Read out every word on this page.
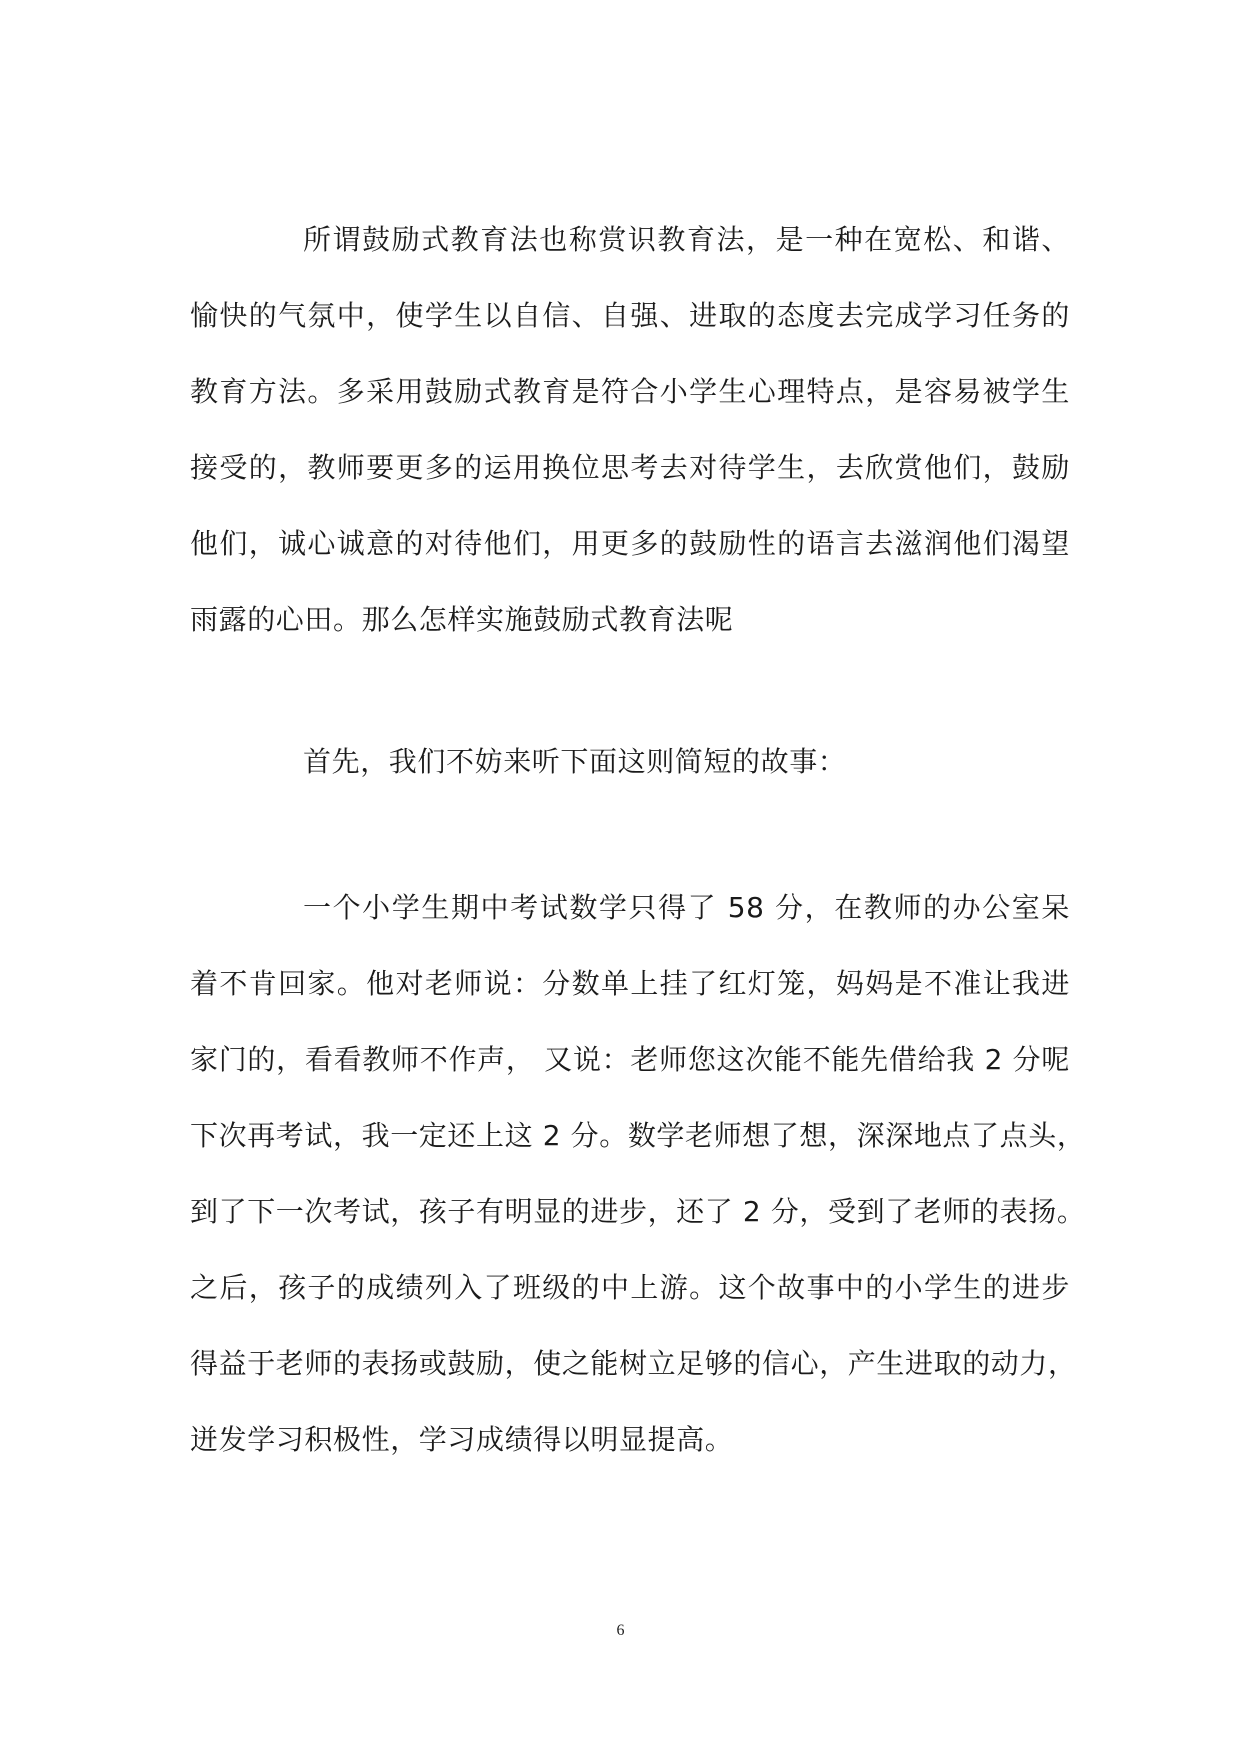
所谓鼓励式教育法也称赏识教育法，是一种在宽松、和谐、
愉快的气氛中，使学生以自信、自强、进取的态度去完成学习任务的
教育方法。多采用鼓励式教育是符合小学生心理特点，是容易被学生
接受的，教师要更多的运用换位思考去对待学生，去欣赏他们，鼓励
他们，诚心诚意的对待他们，用更多的鼓励性的语言去滋润他们渴望
雨露的心田。那么怎样实施鼓励式教育法呢
首先，我们不妨来听下面这则简短的故事：
一个小学生期中考试数学只得了 58 分，在教师的办公室呆
着不肯回家。他对老师说：分数单上挂了红灯笼，妈妈是不准让我进
家门的，看看教师不作声， 又说：老师您这次能不能先借给我 2 分呢
下次再考试，我一定还上这 2 分。数学老师想了想，深深地点了点头，
到了下一次考试，孩子有明显的进步，还了 2 分，受到了老师的表扬。
之后，孩子的成绩列入了班级的中上游。这个故事中的小学生的进步
得益于老师的表扬或鼓励，使之能树立足够的信心，产生进取的动力，
迸发学习积极性，学习成绩得以明显提高。
6
